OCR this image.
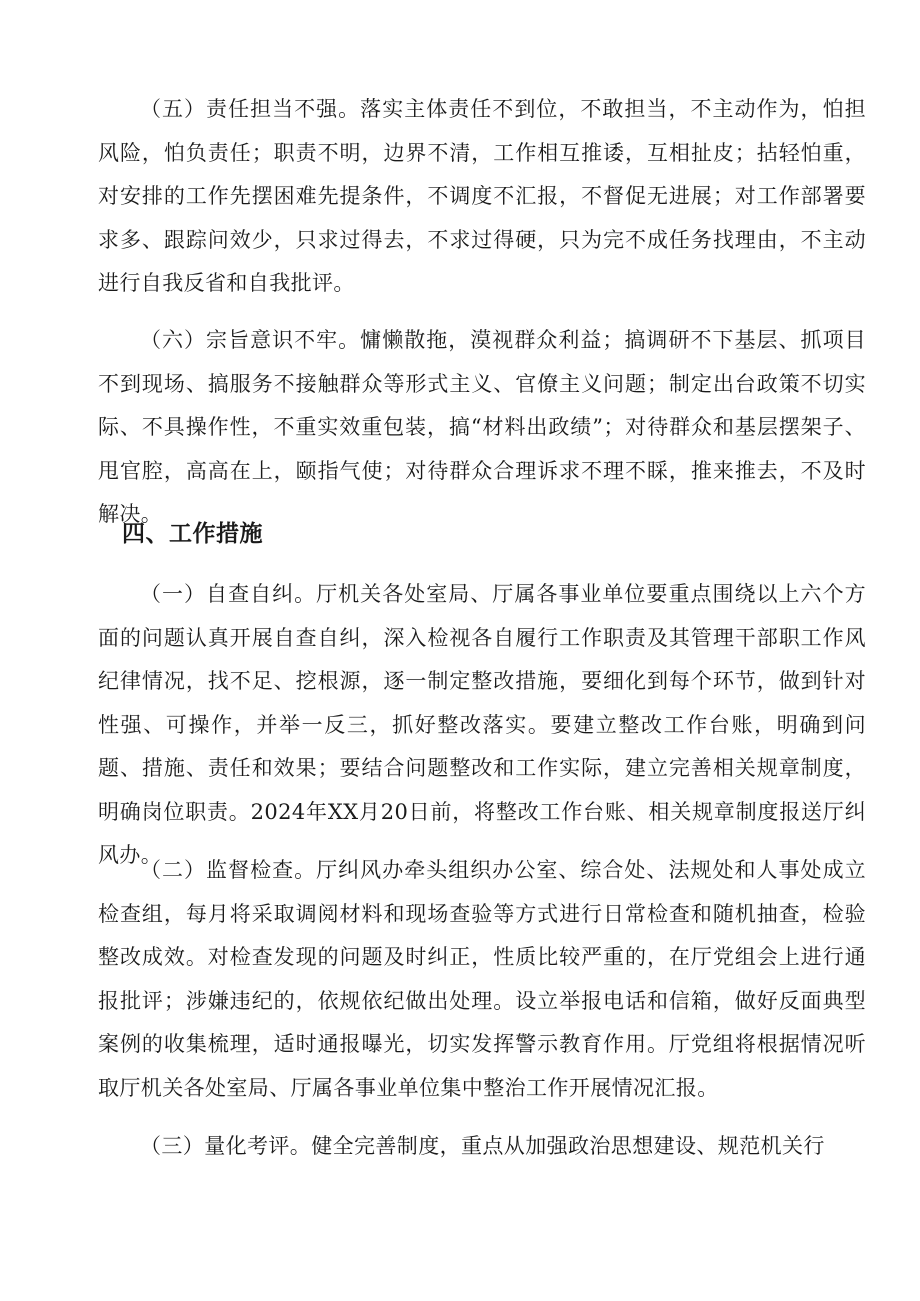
（五）责任担当不强。落实主体责任不到位，不敢担当，不主动作为，怕担风险，怕负责任；职责不明，边界不清，工作相互推诿，互相扯皮；拈轻怕重，对安排的工作先摆困难先提条件，不调度不汇报，不督促无进展；对工作部署要求多、跟踪问效少，只求过得去，不求过得硬，只为完不成任务找理由，不主动进行自我反省和自我批评。

（六）宗旨意识不牢。慵懒散拖，漠视群众利益；搞调研不下基层、抓项目不到现场、搞服务不接触群众等形式主义、官僚主义问题；制定出台政策不切实际、不具操作性，不重实效重包装，搞“材料出政绩”；对待群众和基层摆架子、甩官腔，高高在上，颐指气使；对待群众合理诉求不理不睬，推来推去，不及时解决。

四、工作措施

（一）自查自纠。厅机关各处室局、厅属各事业单位要重点围绕以上六个方面的问题认真开展自查自纠，深入检视各自履行工作职责及其管理干部职工作风纪律情况，找不足、挖根源，逐一制定整改措施，要细化到每个环节，做到针对性强、可操作，并举一反三，抓好整改落实。要建立整改工作台账，明确到问题、措施、责任和效果；要结合问题整改和工作实际，建立完善相关规章制度，明确岗位职责。2024年XX月20日前，将整改工作台账、相关规章制度报送厅纠风办。

（二）监督检查。厅纠风办牵头组织办公室、综合处、法规处和人事处成立检查组，每月将采取调阅材料和现场查验等方式进行日常检查和随机抽查，检验整改成效。对检查发现的问题及时纠正，性质比较严重的，在厅党组会上进行通报批评；涉嫌违纪的，依规依纪做出处理。设立举报电话和信箱，做好反面典型案例的收集梳理，适时通报曝光，切实发挥警示教育作用。厅党组将根据情况听取厅机关各处室局、厅属各事业单位集中整治工作开展情况汇报。

（三）量化考评。健全完善制度，重点从加强政治思想建设、规范机关行
